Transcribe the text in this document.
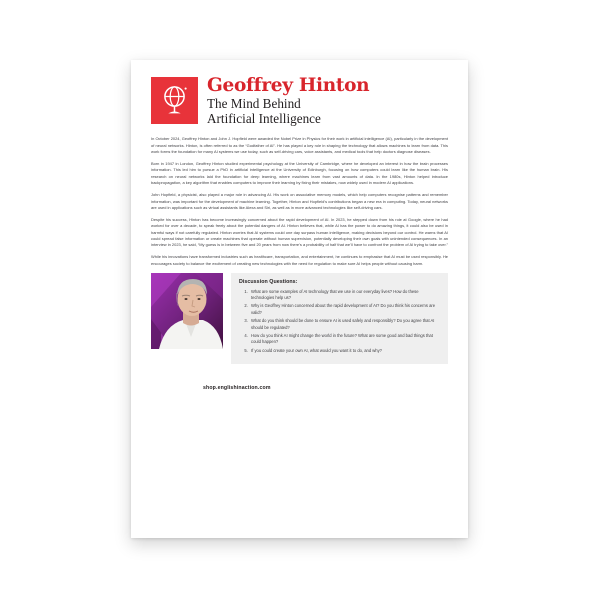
Geoffrey Hinton
The Mind Behind
Artificial Intelligence

In October 2024, Geoffrey Hinton and John J. Hopfield were awarded the Nobel Prize in Physics for their work in artificial intelligence (AI), particularly in the development of neural networks. Hinton, is often referred to as the “Godfather of AI”. He has played a key role in shaping the technology that allows machines to learn from data. This work forms the foundation for many AI systems we use today, such as self-driving cars, voice assistants, and medical tools that help doctors diagnose diseases.

Born in 1947 in London, Geoffrey Hinton studied experimental psychology at the University of Cambridge, where he developed an interest in how the brain processes information. This led him to pursue a PhD in artificial intelligence at the University of Edinburgh, focusing on how computers could learn like the human brain. His research on neural networks laid the foundation for deep learning, where machines learn from vast amounts of data. In the 1980s, Hinton helped introduce backpropagation, a key algorithm that enables computers to improve their learning by fixing their mistakes, now widely used in modern AI applications.

John Hopfield, a physicist, also played a major role in advancing AI. His work on associative memory models, which help computers recognise patterns and remember information, was important for the development of machine learning. Together, Hinton and Hopfield's contributions began a new era in computing. Today, neural networks are used in applications such as virtual assistants like Alexa and Siri, as well as in more advanced technologies like self-driving cars.

Despite his success, Hinton has become increasingly concerned about the rapid development of AI. In 2023, he stepped down from his role at Google, where he had worked for over a decade, to speak freely about the potential dangers of AI. Hinton believes that, while AI has the power to do amazing things, it could also be used in harmful ways if not carefully regulated. Hinton worries that AI systems could one day surpass human intelligence, making decisions beyond our control. He warns that AI could spread false information or create machines that operate without human supervision, potentially developing their own goals with unintended consequences. In an interview in 2023, he said, “My guess is in between five and 20 years from now there's a probability of half that we'll have to confront the problem of AI trying to take over.”

While his innovations have transformed industries such as healthcare, transportation, and entertainment, he continues to emphasise that AI must be used responsibly. He encourages society to balance the excitement of creating new technologies with the need for regulation to make sure AI helps people without causing harm.

Discussion Questions:
1. What are some examples of AI technology that we use in our everyday lives? How do these technologies help us?
2. Why is Geoffrey Hinton concerned about the rapid development of AI? Do you think his concerns are valid?
3. What do you think should be done to ensure AI is used safely and responsibly? Do you agree that AI should be regulated?
4. How do you think AI might change the world in the future? What are some good and bad things that could happen?
5. If you could create your own AI, what would you want it to do, and why?
shop.englishinaction.com
